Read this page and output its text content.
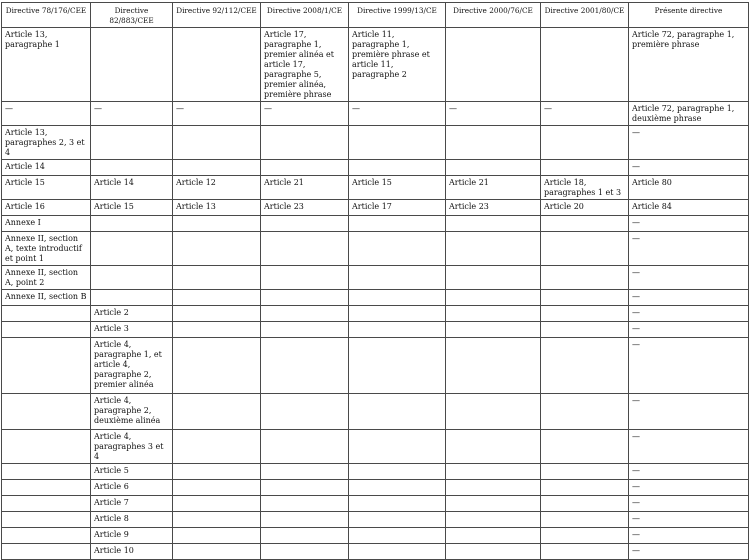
Directive 78/176/CEE	Directive 82/883/CEE	Directive 92/112/CEE	Directive 2008/1/CE	Directive 1999/13/CE	Directive 2000/76/CE	Directive 2001/80/CE	Présente directive
Article 13, paragraphe 1			Article 17, paragraphe 1, premier alinéa et article 17, paragraphe 5, premier alinéa, première phrase	Article 11, paragraphe 1, première phrase et article 11, paragraphe 2			Article 72, paragraphe 1, première phrase
—	—	—	—	—	—	—	Article 72, paragraphe 1, deuxième phrase
Article 13, paragraphes 2, 3 et 4							—
Article 14							—
Article 15	Article 14	Article 12	Article 21	Article 15	Article 21	Article 18, paragraphes 1 et 3	Article 80
Article 16	Article 15	Article 13	Article 23	Article 17	Article 23	Article 20	Article 84
Annexe I							—
Annexe II, section A, texte introductif et point 1							—
Annexe II, section A, point 2							—
Annexe II, section B							—
	Article 2						—
	Article 3						—
	Article 4, paragraphe 1, et article 4, paragraphe 2, premier alinéa						—
	Article 4, paragraphe 2, deuxième alinéa						—
	Article 4, paragraphes 3 et 4						—
	Article 5						—
	Article 6						—
	Article 7						—
	Article 8						—
	Article 9						—
	Article 10						—
